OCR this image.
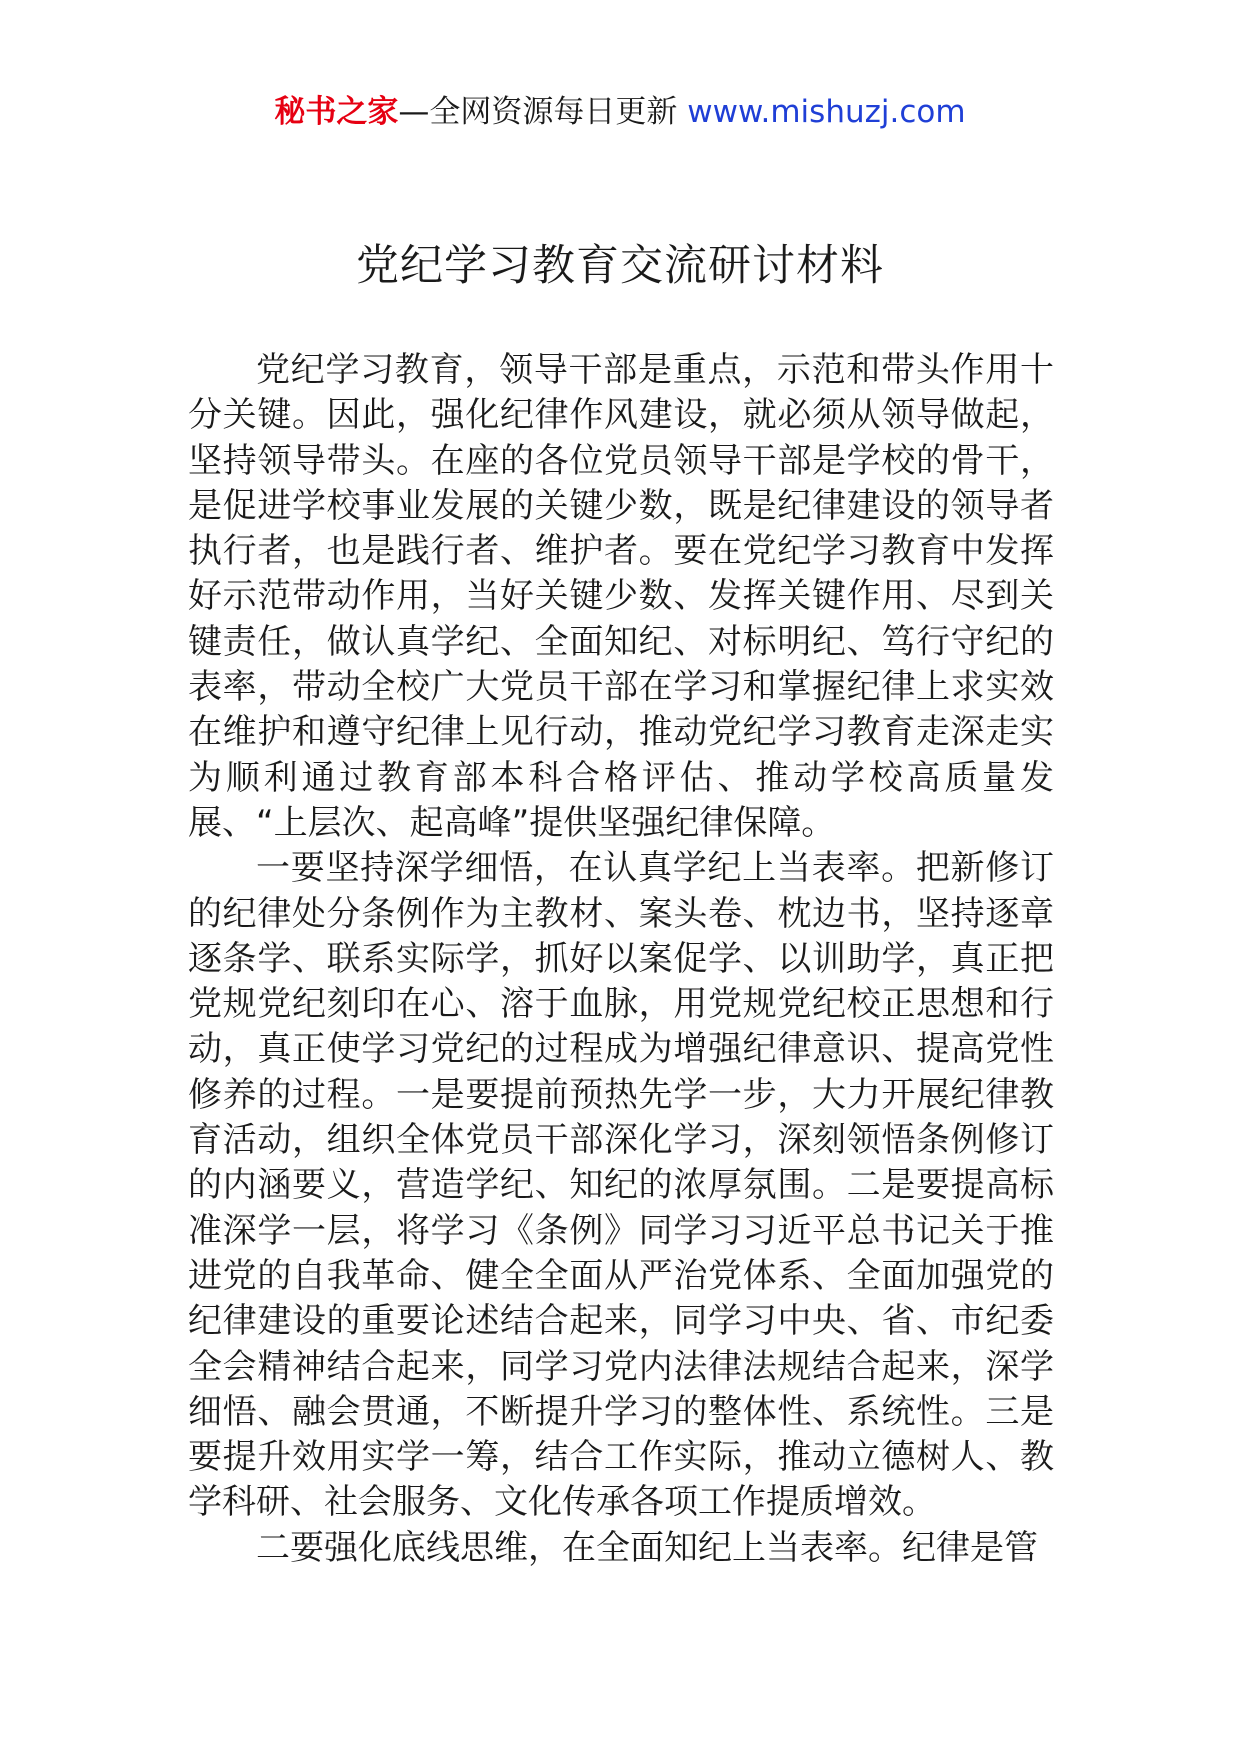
秘书之家—全网资源每日更新 www.mishuzj.com
党纪学习教育交流研讨材料

党纪学习教育，领导干部是重点，示范和带头作用十分关键。因此，强化纪律作风建设，就必须从领导做起，坚持领导带头。在座的各位党员领导干部是学校的骨干，是促进学校事业发展的关键少数，既是纪律建设的领导者执行者，也是践行者、维护者。要在党纪学习教育中发挥好示范带动作用，当好关键少数、发挥关键作用、尽到关键责任，做认真学纪、全面知纪、对标明纪、笃行守纪的表率，带动全校广大党员干部在学习和掌握纪律上求实效在维护和遵守纪律上见行动，推动党纪学习教育走深走实为顺利通过教育部本科合格评估、推动学校高质量发展、“上层次、起高峰”提供坚强纪律保障。

一要坚持深学细悟，在认真学纪上当表率。把新修订的纪律处分条例作为主教材、案头卷、枕边书，坚持逐章逐条学、联系实际学，抓好以案促学、以训助学，真正把党规党纪刻印在心、溶于血脉，用党规党纪校正思想和行动，真正使学习党纪的过程成为增强纪律意识、提高党性修养的过程。一是要提前预热先学一步，大力开展纪律教育活动，组织全体党员干部深化学习，深刻领悟条例修订的内涵要义，营造学纪、知纪的浓厚氛围。二是要提高标准深学一层，将学习《条例》同学习习近平总书记关于推进党的自我革命、健全全面从严治党体系、全面加强党的纪律建设的重要论述结合起来，同学习中央、省、市纪委全会精神结合起来，同学习党内法律法规结合起来，深学细悟、融会贯通，不断提升学习的整体性、系统性。三是要提升效用实学一筹，结合工作实际，推动立德树人、教学科研、社会服务、文化传承各项工作提质增效。

二要强化底线思维，在全面知纪上当表率。纪律是管
